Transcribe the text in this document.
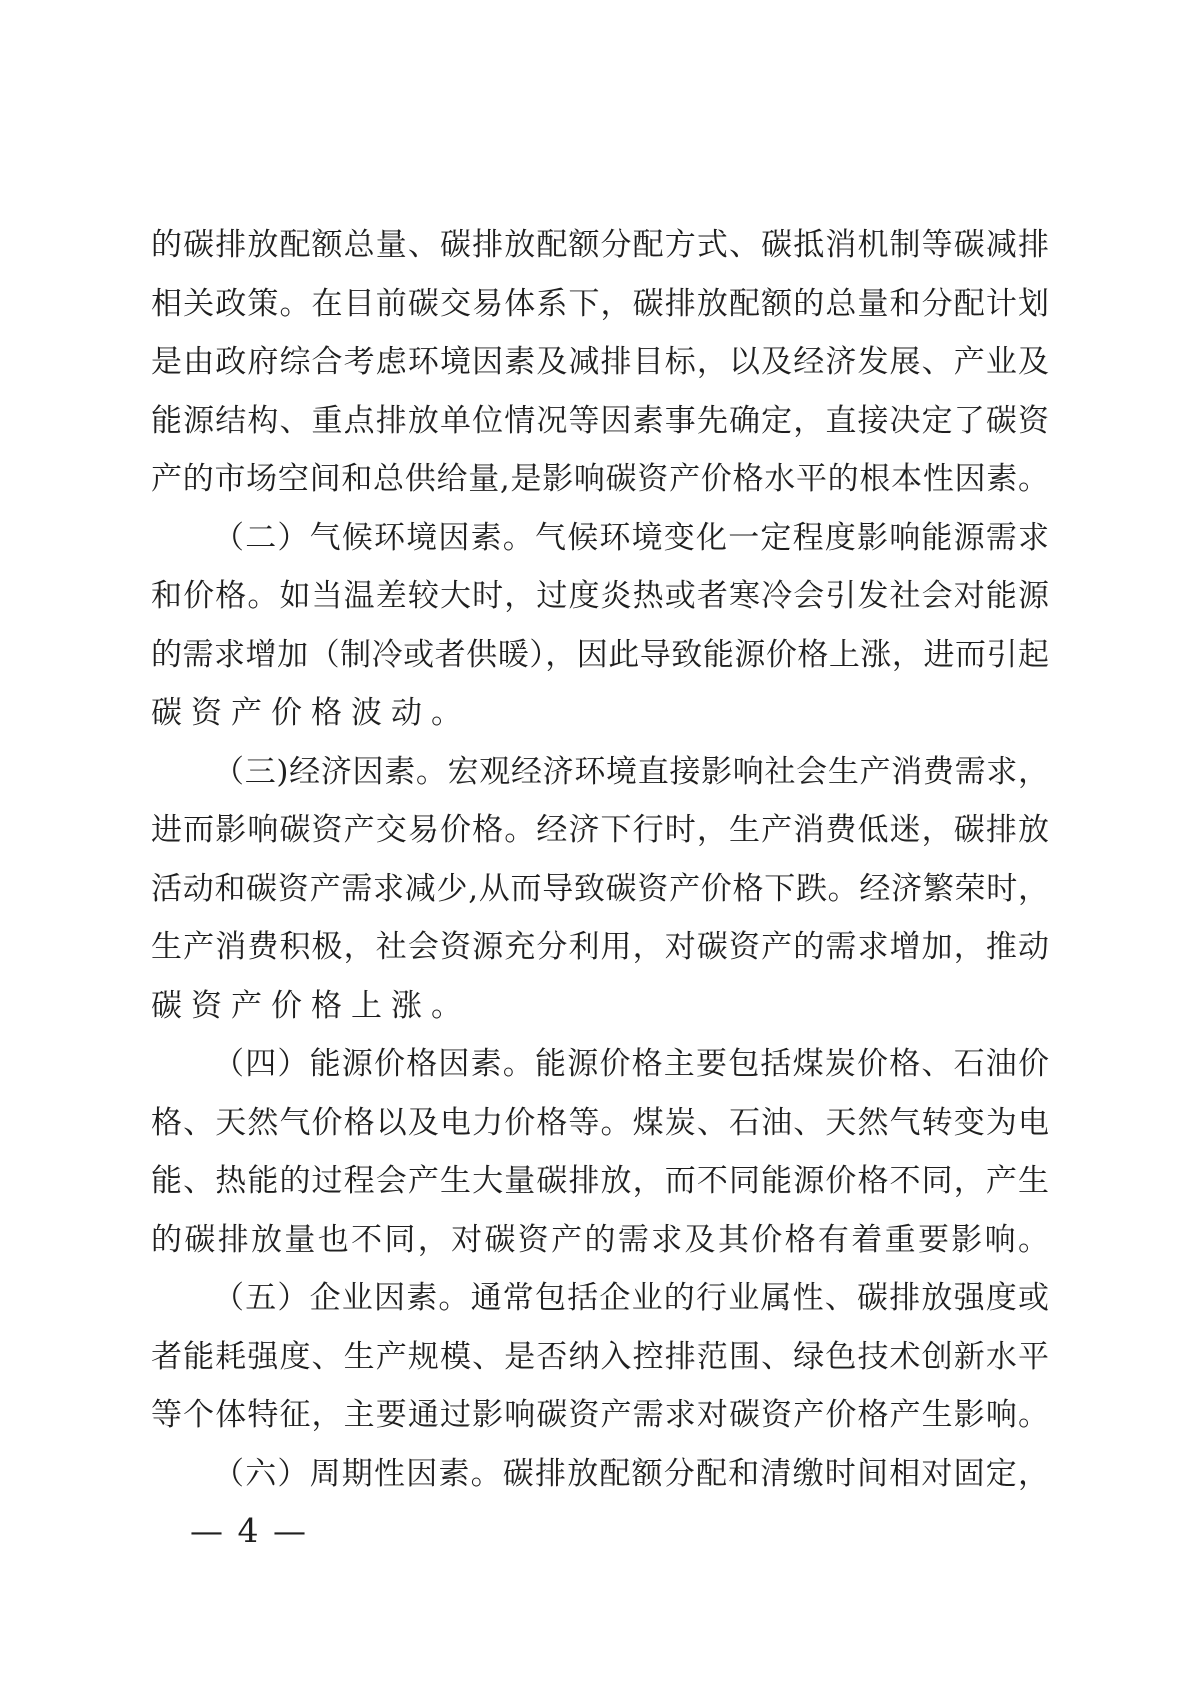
的碳排放配额总量、碳排放配额分配方式、碳抵消机制等碳减排
相关政策。在目前碳交易体系下，碳排放配额的总量和分配计划
是由政府综合考虑环境因素及减排目标，以及经济发展、产业及
能源结构、重点排放单位情况等因素事先确定，直接决定了碳资
产的市场空间和总供给量,是影响碳资产价格水平的根本性因素。
（二）气候环境因素。气候环境变化一定程度影响能源需求
和价格。如当温差较大时，过度炎热或者寒冷会引发社会对能源
的需求增加（制冷或者供暖），因此导致能源价格上涨，进而引起
碳资产价格波动。
（三)经济因素。宏观经济环境直接影响社会生产消费需求，
进而影响碳资产交易价格。经济下行时，生产消费低迷，碳排放
活动和碳资产需求减少,从而导致碳资产价格下跌。经济繁荣时，
生产消费积极，社会资源充分利用，对碳资产的需求增加，推动
碳资产价格上涨。
（四）能源价格因素。能源价格主要包括煤炭价格、石油价
格、天然气价格以及电力价格等。煤炭、石油、天然气转变为电
能、热能的过程会产生大量碳排放，而不同能源价格不同，产生
的碳排放量也不同，对碳资产的需求及其价格有着重要影响。
（五）企业因素。通常包括企业的行业属性、碳排放强度或
者能耗强度、生产规模、是否纳入控排范围、绿色技术创新水平
等个体特征，主要通过影响碳资产需求对碳资产价格产生影响。
（六）周期性因素。碳排放配额分配和清缴时间相对固定，
— 4 —
